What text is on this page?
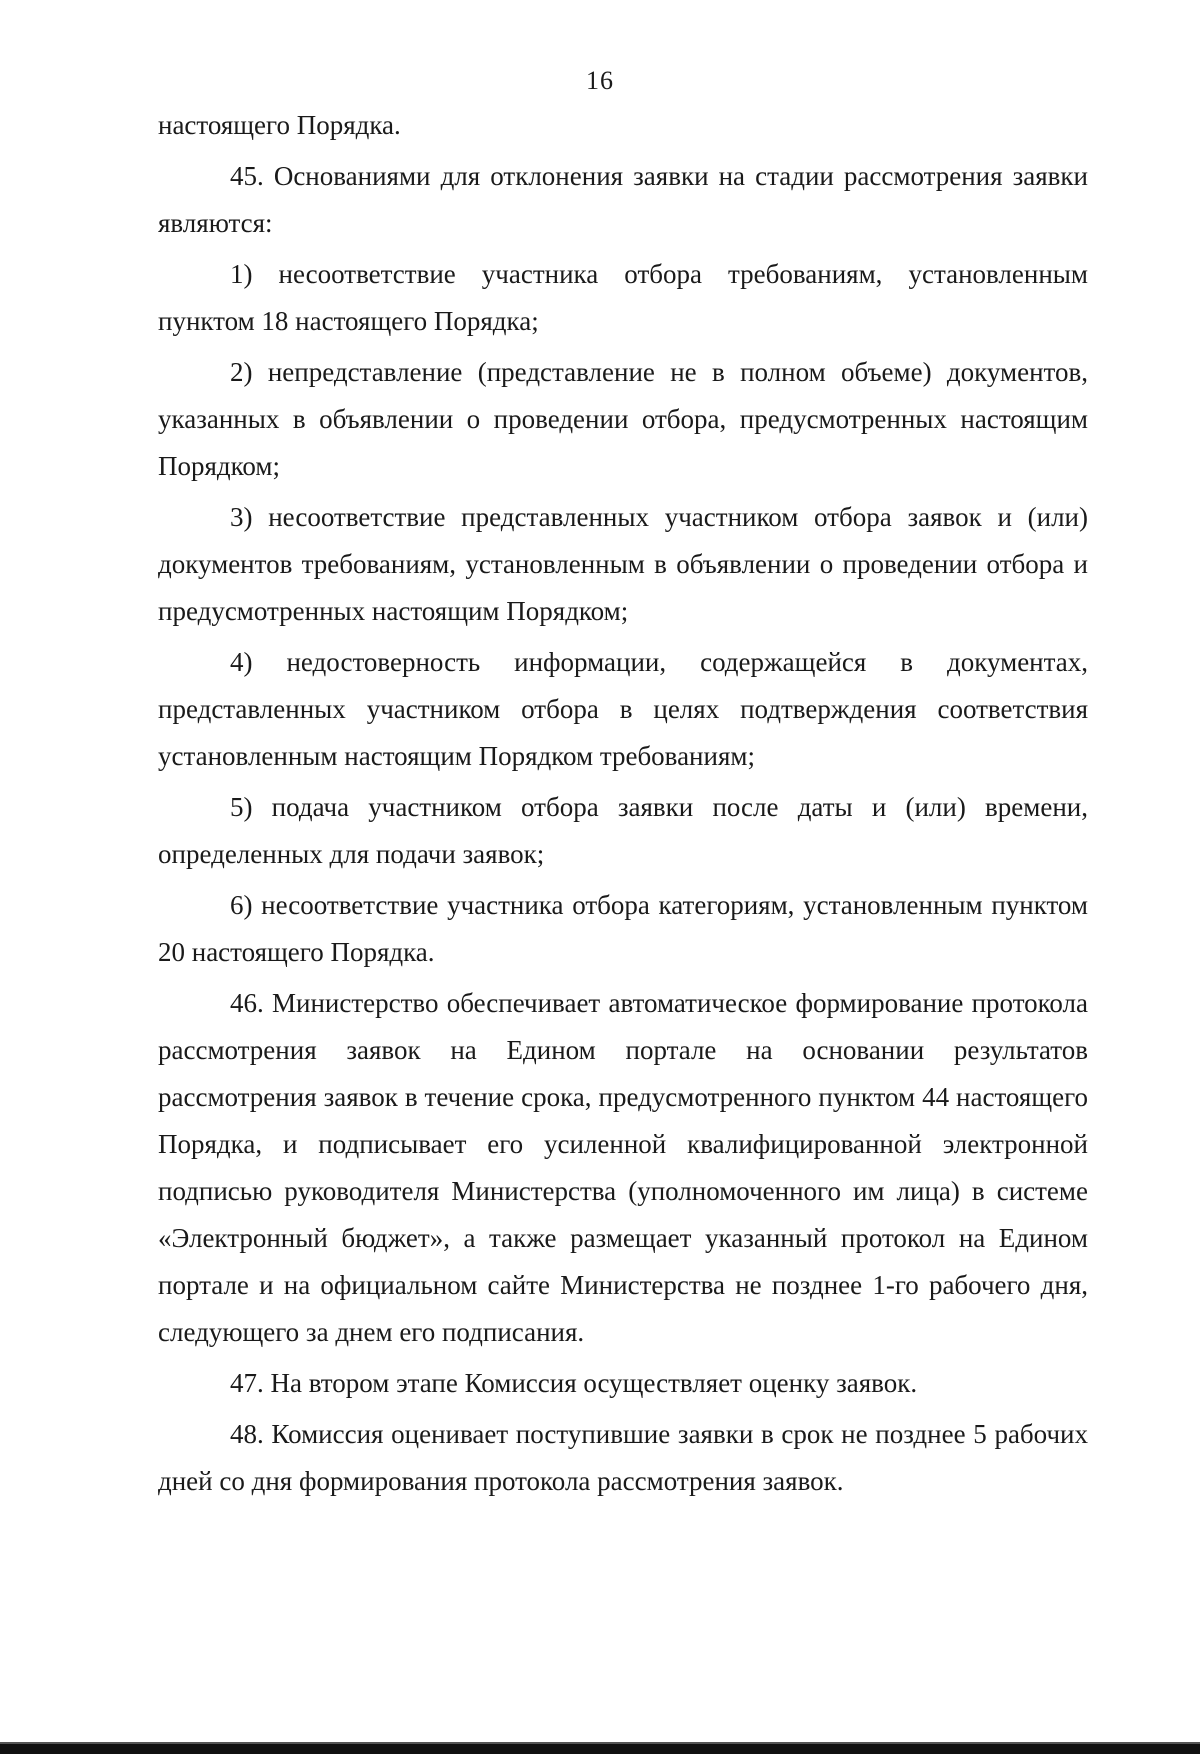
16

настоящего Порядка.

45. Основаниями для отклонения заявки на стадии рассмотрения заявки являются:

1) несоответствие участника отбора требованиям, установленным пунктом 18 настоящего Порядка;

2) непредставление (представление не в полном объеме) документов, указанных в объявлении о проведении отбора, предусмотренных настоящим Порядком;

3) несоответствие представленных участником отбора заявок и (или) документов требованиям, установленным в объявлении о проведении отбора и предусмотренных настоящим Порядком;

4) недостоверность информации, содержащейся в документах, представленных участником отбора в целях подтверждения соответствия установленным настоящим Порядком требованиям;

5) подача участником отбора заявки после даты и (или) времени, определенных для подачи заявок;

6) несоответствие участника отбора категориям, установленным пунктом 20 настоящего Порядка.

46. Министерство обеспечивает автоматическое формирование протокола рассмотрения заявок на Едином портале на основании результатов рассмотрения заявок в течение срока, предусмотренного пунктом 44 настоящего Порядка, и подписывает его усиленной квалифицированной электронной подписью руководителя Министерства (уполномоченного им лица) в системе «Электронный бюджет», а также размещает указанный протокол на Едином портале и на официальном сайте Министерства не позднее 1-го рабочего дня, следующего за днем его подписания.

47. На втором этапе Комиссия осуществляет оценку заявок.

48. Комиссия оценивает поступившие заявки в срок не позднее 5 рабочих дней со дня формирования протокола рассмотрения заявок.
